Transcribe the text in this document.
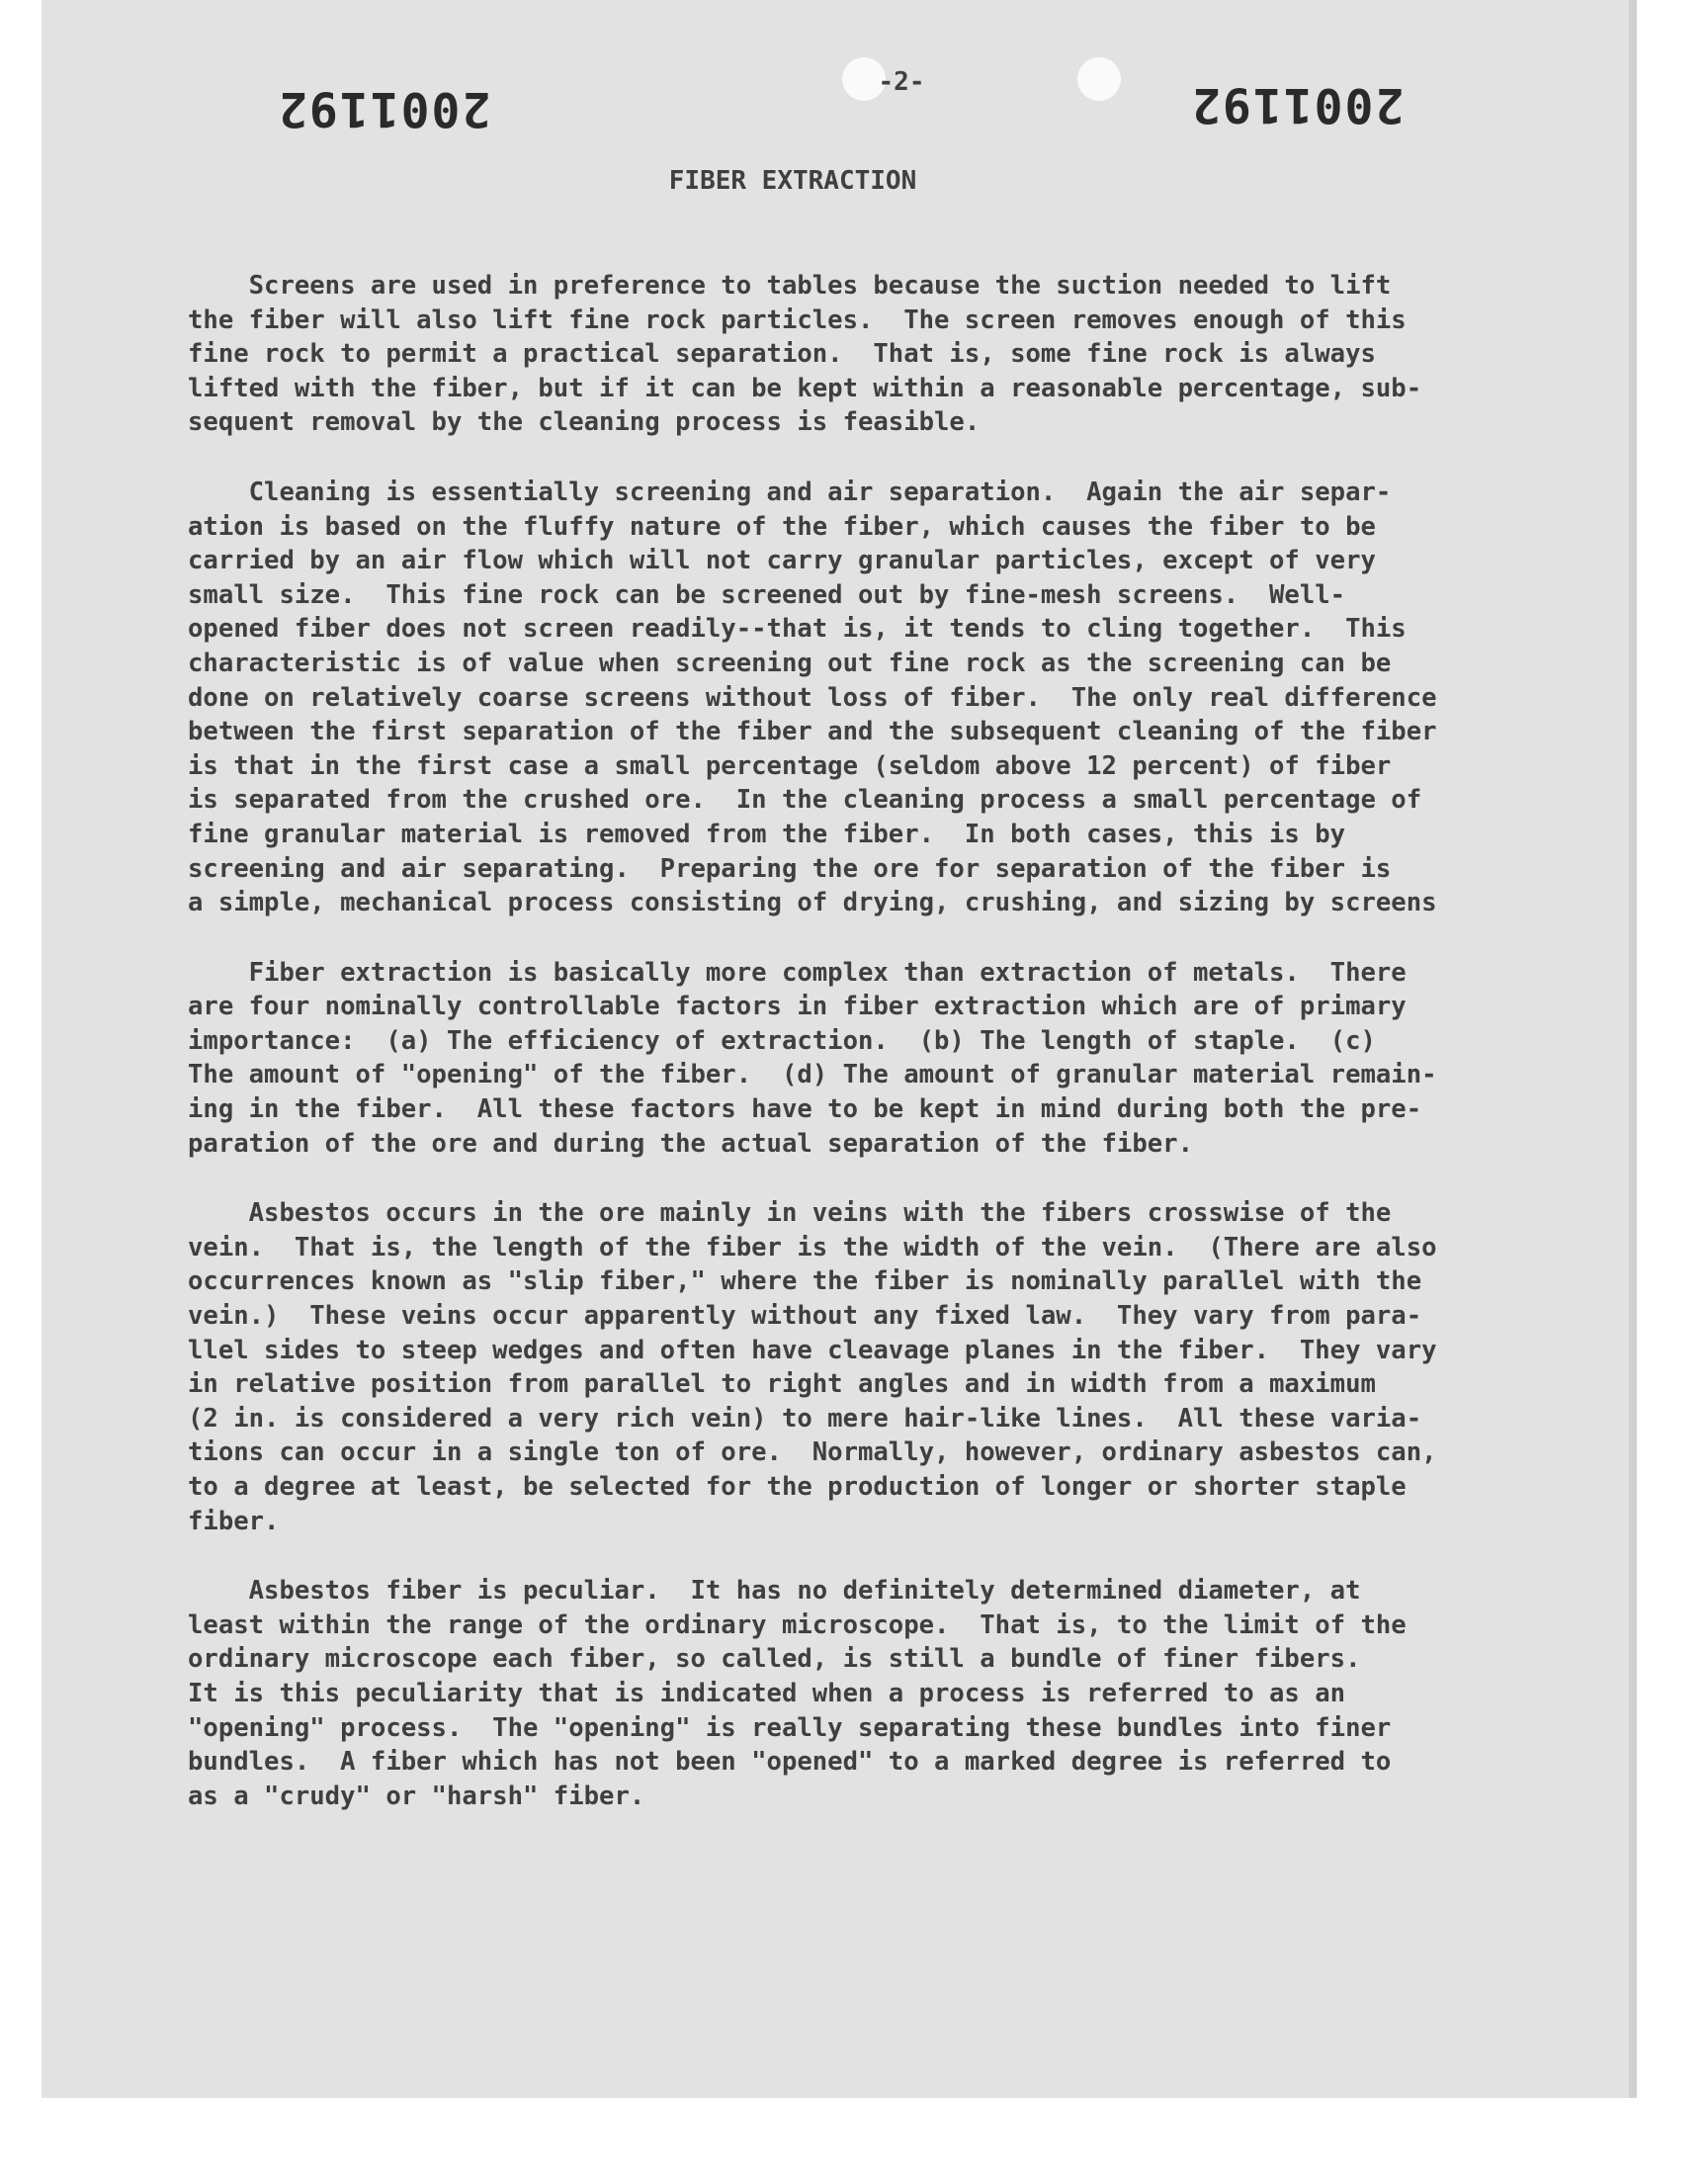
2001192	-2-	2001192
FIBER EXTRACTION
Screens are used in preference to tables because the suction needed to lift
the fiber will also lift fine rock particles.  The screen removes enough of this
fine rock to permit a practical separation.  That is, some fine rock is always
lifted with the fiber, but if it can be kept within a reasonable percentage, sub-
sequent removal by the cleaning process is feasible.
Cleaning is essentially screening and air separation.  Again the air separ-
ation is based on the fluffy nature of the fiber, which causes the fiber to be
carried by an air flow which will not carry granular particles, except of very
small size.  This fine rock can be screened out by fine-mesh screens.  Well-
opened fiber does not screen readily--that is, it tends to cling together.  This
characteristic is of value when screening out fine rock as the screening can be
done on relatively coarse screens without loss of fiber.  The only real difference
between the first separation of the fiber and the subsequent cleaning of the fiber
is that in the first case a small percentage (seldom above 12 percent) of fiber
is separated from the crushed ore.  In the cleaning process a small percentage of
fine granular material is removed from the fiber.  In both cases, this is by
screening and air separating.  Preparing the ore for separation of the fiber is
a simple, mechanical process consisting of drying, crushing, and sizing by screens
Fiber extraction is basically more complex than extraction of metals.  There
are four nominally controllable factors in fiber extraction which are of primary
importance:  (a) The efficiency of extraction.  (b) The length of staple.  (c)
The amount of "opening" of the fiber.  (d) The amount of granular material remain-
ing in the fiber.  All these factors have to be kept in mind during both the pre-
paration of the ore and during the actual separation of the fiber.
Asbestos occurs in the ore mainly in veins with the fibers crosswise of the
vein.  That is, the length of the fiber is the width of the vein.  (There are also
occurrences known as "slip fiber," where the fiber is nominally parallel with the
vein.)  These veins occur apparently without any fixed law.  They vary from para-
llel sides to steep wedges and often have cleavage planes in the fiber.  They vary
in relative position from parallel to right angles and in width from a maximum
(2 in. is considered a very rich vein) to mere hair-like lines.  All these varia-
tions can occur in a single ton of ore.  Normally, however, ordinary asbestos can,
to a degree at least, be selected for the production of longer or shorter staple
fiber.
Asbestos fiber is peculiar.  It has no definitely determined diameter, at
least within the range of the ordinary microscope.  That is, to the limit of the
ordinary microscope each fiber, so called, is still a bundle of finer fibers.
It is this peculiarity that is indicated when a process is referred to as an
"opening" process.  The "opening" is really separating these bundles into finer
bundles.  A fiber which has not been "opened" to a marked degree is referred to
as a "crudy" or "harsh" fiber.
